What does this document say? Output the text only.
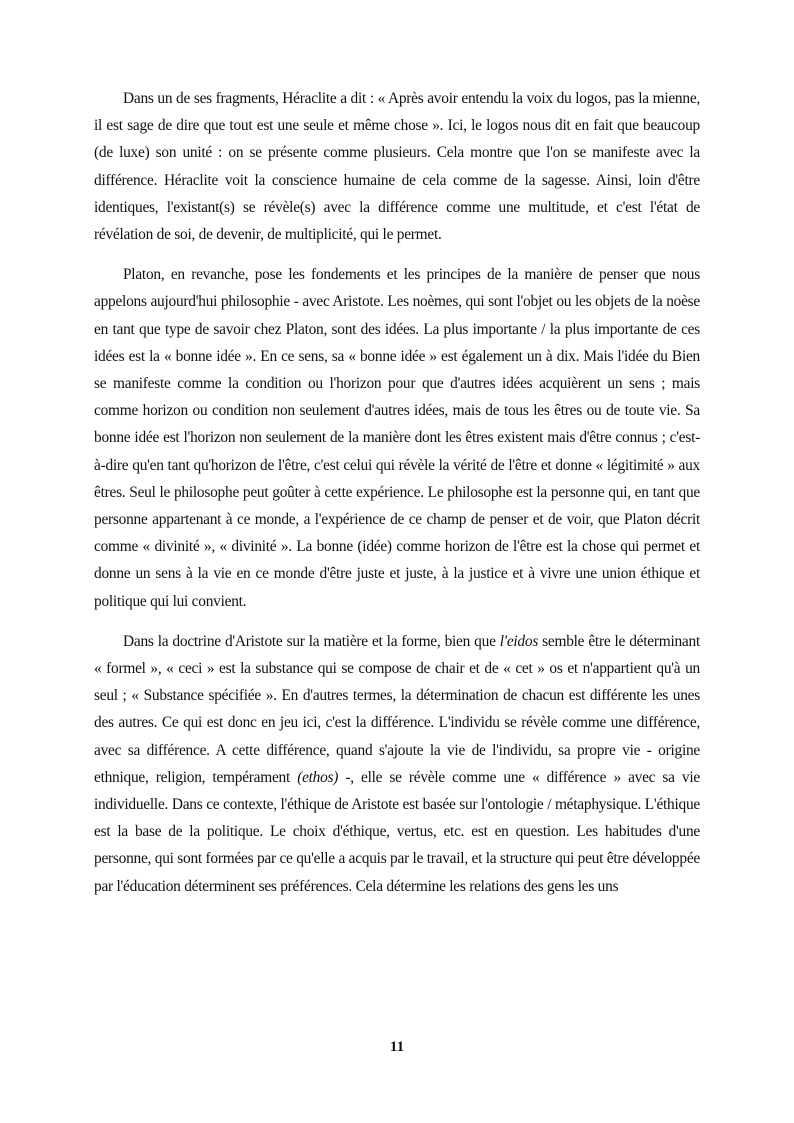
Dans un de ses fragments, Héraclite a dit : « Après avoir entendu la voix du logos, pas la mienne, il est sage de dire que tout est une seule et même chose ». Ici, le logos nous dit en fait que beaucoup (de luxe) son unité : on se présente comme plusieurs. Cela montre que l'on se manifeste avec la différence. Héraclite voit la conscience humaine de cela comme de la sagesse. Ainsi, loin d'être identiques, l'existant(s) se révèle(s) avec la différence comme une multitude, et c'est l'état de révélation de soi, de devenir, de multiplicité, qui le permet.

Platon, en revanche, pose les fondements et les principes de la manière de penser que nous appelons aujourd'hui philosophie - avec Aristote. Les noèmes, qui sont l'objet ou les objets de la noèse en tant que type de savoir chez Platon, sont des idées. La plus importante / la plus importante de ces idées est la « bonne idée ». En ce sens, sa « bonne idée » est également un à dix. Mais l'idée du Bien se manifeste comme la condition ou l'horizon pour que d'autres idées acquièrent un sens ; mais comme horizon ou condition non seulement d'autres idées, mais de tous les êtres ou de toute vie. Sa bonne idée est l'horizon non seulement de la manière dont les êtres existent mais d'être connus ; c'est-à-dire qu'en tant qu'horizon de l'être, c'est celui qui révèle la vérité de l'être et donne « légitimité » aux êtres. Seul le philosophe peut goûter à cette expérience. Le philosophe est la personne qui, en tant que personne appartenant à ce monde, a l'expérience de ce champ de penser et de voir, que Platon décrit comme « divinité », « divinité ». La bonne (idée) comme horizon de l'être est la chose qui permet et donne un sens à la vie en ce monde d'être juste et juste, à la justice et à vivre une union éthique et politique qui lui convient.

Dans la doctrine d'Aristote sur la matière et la forme, bien que l'eidos semble être le déterminant « formel », « ceci » est la substance qui se compose de chair et de « cet » os et n'appartient qu'à un seul ; « Substance spécifiée ». En d'autres termes, la détermination de chacun est différente les unes des autres. Ce qui est donc en jeu ici, c'est la différence. L'individu se révèle comme une différence, avec sa différence. A cette différence, quand s'ajoute la vie de l'individu, sa propre vie - origine ethnique, religion, tempérament (ethos) -, elle se révèle comme une « différence » avec sa vie individuelle. Dans ce contexte, l'éthique de Aristote est basée sur l'ontologie / métaphysique. L'éthique est la base de la politique. Le choix d'éthique, vertus, etc. est en question. Les habitudes d'une personne, qui sont formées par ce qu'elle a acquis par le travail, et la structure qui peut être développée par l'éducation déterminent ses préférences. Cela détermine les relations des gens les uns

11
